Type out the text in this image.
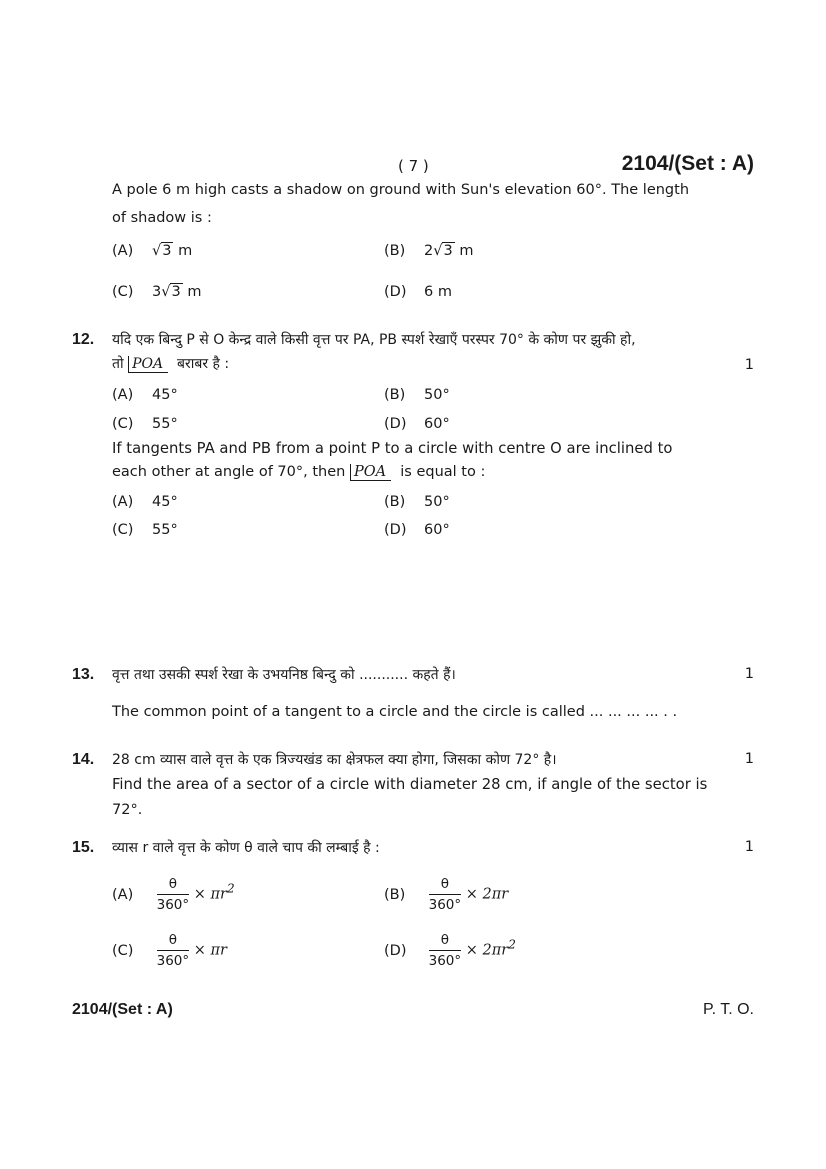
( 7 )	2104/(Set : A)
A pole 6 m high casts a shadow on ground with Sun's elevation 60°. The length
of shadow is :
(A) √3 m	(B) 2√3 m
(C) 3√3 m	(D) 6 m
12. यदि एक बिन्दु P से O केन्द्र वाले किसी वृत्त पर PA, PB स्पर्श रेखाएँ परस्पर 70° के कोण पर झुकी हो,
तो POA बराबर है :	1
(A) 45°	(B) 50°
(C) 55°	(D) 60°
If tangents PA and PB from a point P to a circle with centre O are inclined to
each other at angle of 70°, then POA is equal to :
(A) 45°	(B) 50°
(C) 55°	(D) 60°
13. वृत्त तथा उसकी स्पर्श रेखा के उभयनिष्ठ बिन्दु को ........... कहते हैं।	1
The common point of a tangent to a circle and the circle is called ... ... ... ... . .
14. 28 cm व्यास वाले वृत्त के एक त्रिज्यखंड का क्षेत्रफल क्या होगा, जिसका कोण 72° है।	1
Find the area of a sector of a circle with diameter 28 cm, if angle of the sector is
72°.
15. व्यास r वाले वृत्त के कोण θ वाले चाप की लम्बाई है :	1
$(A) \frac{\theta}{360^\circ} \times \pi r^2$	$(B) \frac{\theta}{360^\circ} \times 2\pi r$
$(C) \frac{\theta}{360^\circ} \times \pi r$	$(D) \frac{\theta}{360^\circ} \times 2\pi r^2$
2104/(Set : A)	P. T. O.
